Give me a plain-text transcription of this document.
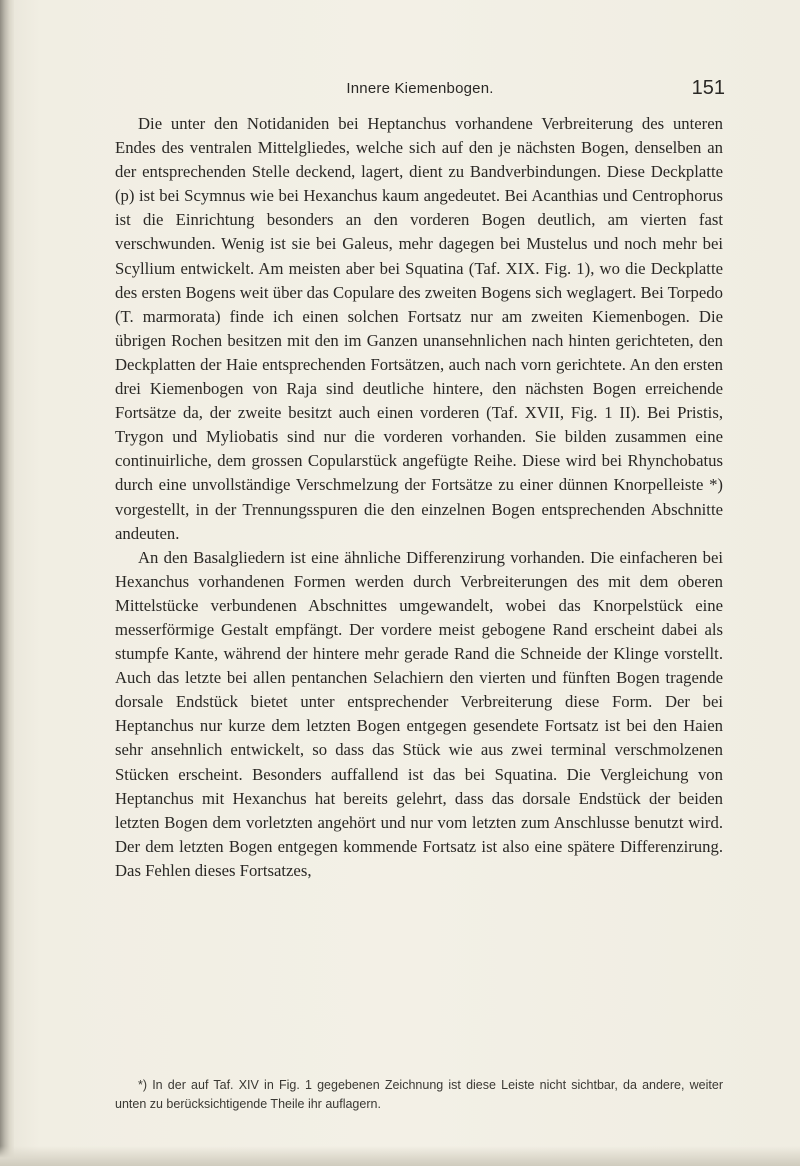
Innere Kiemenbogen.	151

Die unter den Notidaniden bei Heptanchus vorhandene Verbreiterung des unteren Endes des ventralen Mittelgliedes, welche sich auf den je nächsten Bogen, denselben an der entsprechenden Stelle deckend, lagert, dient zu Bandverbindungen. Diese Deckplatte (p) ist bei Scymnus wie bei Hexanchus kaum angedeutet. Bei Acanthias und Centrophorus ist die Einrichtung besonders an den vorderen Bogen deutlich, am vierten fast verschwunden. Wenig ist sie bei Galeus, mehr dagegen bei Mustelus und noch mehr bei Scyllium entwickelt. Am meisten aber bei Squatina (Taf. XIX. Fig. 1), wo die Deckplatte des ersten Bogens weit über das Copulare des zweiten Bogens sich weglagert. Bei Torpedo (T. marmorata) finde ich einen solchen Fortsatz nur am zweiten Kiemenbogen. Die übrigen Rochen besitzen mit den im Ganzen unansehnlichen nach hinten gerichteten, den Deckplatten der Haie entsprechenden Fortsätzen, auch nach vorn gerichtete. An den ersten drei Kiemenbogen von Raja sind deutliche hintere, den nächsten Bogen erreichende Fortsätze da, der zweite besitzt auch einen vorderen (Taf. XVII, Fig. 1 II). Bei Pristis, Trygon und Myliobatis sind nur die vorderen vorhanden. Sie bilden zusammen eine continuirliche, dem grossen Copularstück angefügte Reihe. Diese wird bei Rhynchobatus durch eine unvollständige Verschmelzung der Fortsätze zu einer dünnen Knorpelleiste *) vorgestellt, in der Trennungsspuren die den einzelnen Bogen entsprechenden Abschnitte andeuten.

An den Basalgliedern ist eine ähnliche Differenzirung vorhanden. Die einfacheren bei Hexanchus vorhandenen Formen werden durch Verbreiterungen des mit dem oberen Mittelstücke verbundenen Abschnittes umgewandelt, wobei das Knorpelstück eine messerförmige Gestalt empfängt. Der vordere meist gebogene Rand erscheint dabei als stumpfe Kante, während der hintere mehr gerade Rand die Schneide der Klinge vorstellt. Auch das letzte bei allen pentanchen Selachiern den vierten und fünften Bogen tragende dorsale Endstück bietet unter entsprechender Verbreiterung diese Form. Der bei Heptanchus nur kurze dem letzten Bogen entgegen gesendete Fortsatz ist bei den Haien sehr ansehnlich entwickelt, so dass das Stück wie aus zwei terminal verschmolzenen Stücken erscheint. Besonders auffallend ist das bei Squatina. Die Vergleichung von Heptanchus mit Hexanchus hat bereits gelehrt, dass das dorsale Endstück der beiden letzten Bogen dem vorletzten angehört und nur vom letzten zum Anschlusse benutzt wird. Der dem letzten Bogen entgegen kommende Fortsatz ist also eine spätere Differenzirung. Das Fehlen dieses Fortsatzes,

*) In der auf Taf. XIV in Fig. 1 gegebenen Zeichnung ist diese Leiste nicht sichtbar, da andere, weiter unten zu berücksichtigende Theile ihr auflagern.
